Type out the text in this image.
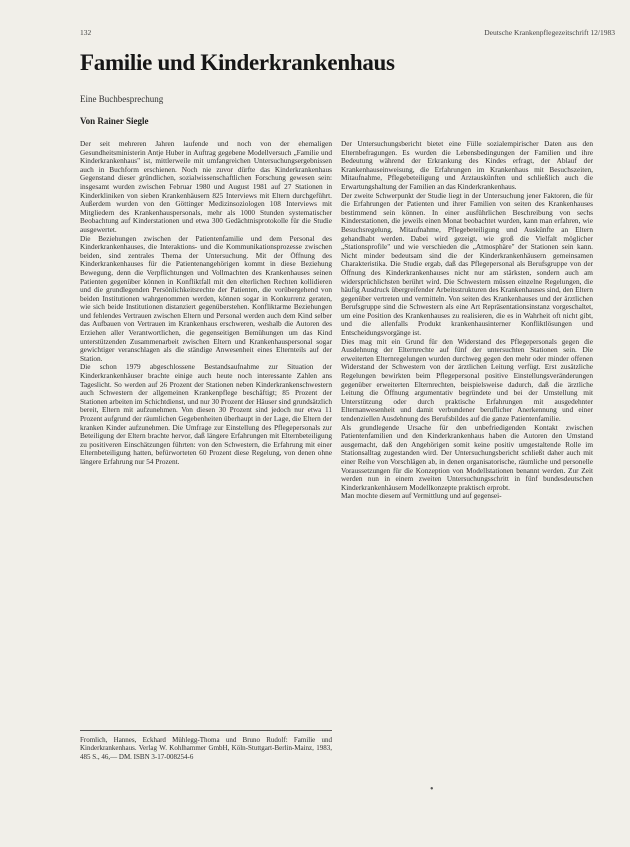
132	Deutsche Krankenpflegezeitschrift 12/1983
Familie und Kinderkrankenhaus
Eine Buchbesprechung
Von Rainer Siegle

Der seit mehreren Jahren laufende und noch von der ehemaligen Gesundheitsministerin Antje Huber in Auftrag gegebene Modellversuch „Familie und Kinderkrankenhaus" ist, mittlerweile mit umfangreichen Untersuchungsergebnissen auch in Buchform erschienen. Noch nie zuvor dürfte das Kinderkrankenhaus Gegenstand dieser gründlichen, sozialwissenschaftlichen Forschung gewesen sein: insgesamt wurden zwischen Februar 1980 und August 1981 auf 27 Stationen in Kinderkliniken von sieben Krankenhäusern 825 Interviews mit Eltern durchgeführt. Außerdem wurden von den Göttinger Medizinsoziologen 108 Interviews mit Mitgliedern des Krankenhauspersonals, mehr als 1000 Stunden systematischer Beobachtung auf Kinderstationen und etwa 300 Gedächtnisprotokolle für die Studie ausgewertet.

Die Beziehungen zwischen der Patientenfamilie und dem Personal des Kinderkrankenhauses, die Interaktions- und die Kommunikationsprozesse zwischen beiden, sind zentrales Thema der Untersuchung. Mit der Öffnung des Kinderkrankenhauses für die Patientenangehörigen kommt in diese Beziehung Bewegung, denn die Verpflichtungen und Vollmachten des Krankenhauses seinen Patienten gegenüber können in Konfliktfall mit den elterlichen Rechten kollidieren und die grundlegenden Persönlichkeitsrechte der Patienten, die vorübergehend von beiden Institutionen wahrgenommen werden, können sogar in Konkurrenz geraten, wie sich beide Institutionen distanziert gegenüberstehen. Konfliktarme Beziehungen und fehlendes Vertrauen zwischen Eltern und Personal werden auch dem Kind selber das Aufbauen von Vertrauen im Krankenhaus erschweren, weshalb die Autoren des Erziehen aller Verantwortlichen, die gegenseitigen Bemühungen um das Kind unterstützenden Zusammenarbeit zwischen Eltern und Krankenhauspersonal sogar gewichtiger veranschlagen als die ständige Anwesenheit eines Elternteils auf der Station.

Die schon 1979 abgeschlossene Bestandsaufnahme zur Situation der Kinderkrankenhäuser brachte einige auch heute noch interessante Zahlen ans Tageslicht. So werden auf 26 Prozent der Stationen neben Kinderkrankenschwestern auch Schwestern der allgemeinen Krankenpflege beschäftigt; 85 Prozent der Stationen arbeiten im Schichtdienst, und nur 30 Prozent der Häuser sind grundsätzlich bereit, Eltern mit aufzunehmen. Von diesen 30 Prozent sind jedoch nur etwa 11 Prozent aufgrund der räumlichen Gegebenheiten überhaupt in der Lage, die Eltern der kranken Kinder aufzunehmen. Die Umfrage zur Einstellung des Pflegepersonals zur Beteiligung der Eltern brachte hervor, daß längere Erfahrungen mit Elternbeteiligung zu positiveren Einschätzungen führten: von den Schwestern, die Erfahrung mit einer Elternbeteiligung hatten, befürworteten 60 Prozent diese Regelung, von denen ohne längere Erfahrung nur 54 Prozent.

Der Untersuchungsbericht bietet eine Fülle sozialempirischer Daten aus den Elternbefragungen. Es wurden die Lebensbedingungen der Familien und ihre Bedeutung während der Erkrankung des Kindes erfragt, der Ablauf der Krankenhauseinweisung, die Erfahrungen im Krankenhaus mit Besuchszeiten, Mitaufnahme, Pflegebeteiligung und Arztauskünften und schließlich auch die Erwartungshaltung der Familien an das Kinderkrankenhaus.

Der zweite Schwerpunkt der Studie liegt in der Untersuchung jener Faktoren, die für die Erfahrungen der Patienten und ihrer Familien von seiten des Krankenhauses bestimmend sein können. In einer ausführlichen Beschreibung von sechs Kinderstationen, die jeweils einen Monat beobachtet wurden, kann man erfahren, wie Besuchsregelung, Mitaufnahme, Pflegebeteiligung und Auskünfte an Eltern gehandhabt werden. Dabei wird gezeigt, wie groß die Vielfalt möglicher „Stationsprofile" und wie verschieden die „Atmosphäre" der Stationen sein kann. Nicht minder bedeutsam sind die der Kinderkrankenhäusern gemeinsamen Charakteristika. Die Studie ergab, daß das Pflegepersonal als Berufsgruppe von der Öffnung des Kinderkrankenhauses nicht nur am stärksten, sondern auch am widersprüchlichsten berührt wird. Die Schwestern müssen einzelne Regelungen, die häufig Ausdruck übergreifender Arbeitsstrukturen des Krankenhauses sind, den Eltern gegenüber vertreten und vermitteln. Von seiten des Krankenhauses und der ärztlichen Berufsgruppe sind die Schwestern als eine Art Repräsentationsinstanz vorgeschaltet, um eine Position des Krankenhauses zu realisieren, die es in Wahrheit oft nicht gibt, und die allenfalls Produkt krankenhausinterner Konfliktlösungen und Entscheidungsvorgänge ist.

Dies mag mit ein Grund für den Widerstand des Pflegepersonals gegen die Ausdehnung der Elternrechte auf fünf der untersuchten Stationen sein. Die erweiterten Elternregelungen wurden durchweg gegen den mehr oder minder offenen Widerstand der Schwestern von der ärztlichen Leitung verfügt. Erst zusätzliche Regelungen bewirkten beim Pflegepersonal positive Einstellungsveränderungen gegenüber erweiterten Elternrechten, beispielsweise dadurch, daß die ärztliche Leitung die Öffnung argumentativ begründete und bei der Umstellung mit Unterstützung oder durch praktische Erfahrungen mit ausgedehnter Elternanwesenheit und damit verbundener beruflicher Anerkennung und einer tendenziellen Ausdehnung des Berufsbildes auf die ganze Patientenfamilie.

Als grundlegende Ursache für den unbefriedigenden Kontakt zwischen Patientenfamilien und den Kinderkrankenhaus haben die Autoren den Umstand ausgemacht, daß den Angehörigen somit keine positiv umgestaltende Rolle im Stationsalltag zugestanden wird. Der Untersuchungsbericht schließt daher auch mit einer Reihe von Vorschlägen ab, in denen organisatorische, räumliche und personelle Voraussetzungen für die Konzeption von Modellstationen benannt werden. Zur Zeit werden nun in einem zweiten Untersuchungsschritt in fünf bundesdeutschen Kinderkrankenhäusern Modellkonzepte praktisch erprobt.

Man mochte diesem auf Vermittlung und auf gegensei-

Fromlich, Hannes, Eckhard Mühlegg-Thoma und Bruno Rudolf: Familie und Kinderkrankenhaus. Verlag W. Kohlhammer GmbH, Köln-Stuttgart-Berlin-Mainz, 1983, 485 S., 46,— DM. ISBN 3-17-008254-6
•
